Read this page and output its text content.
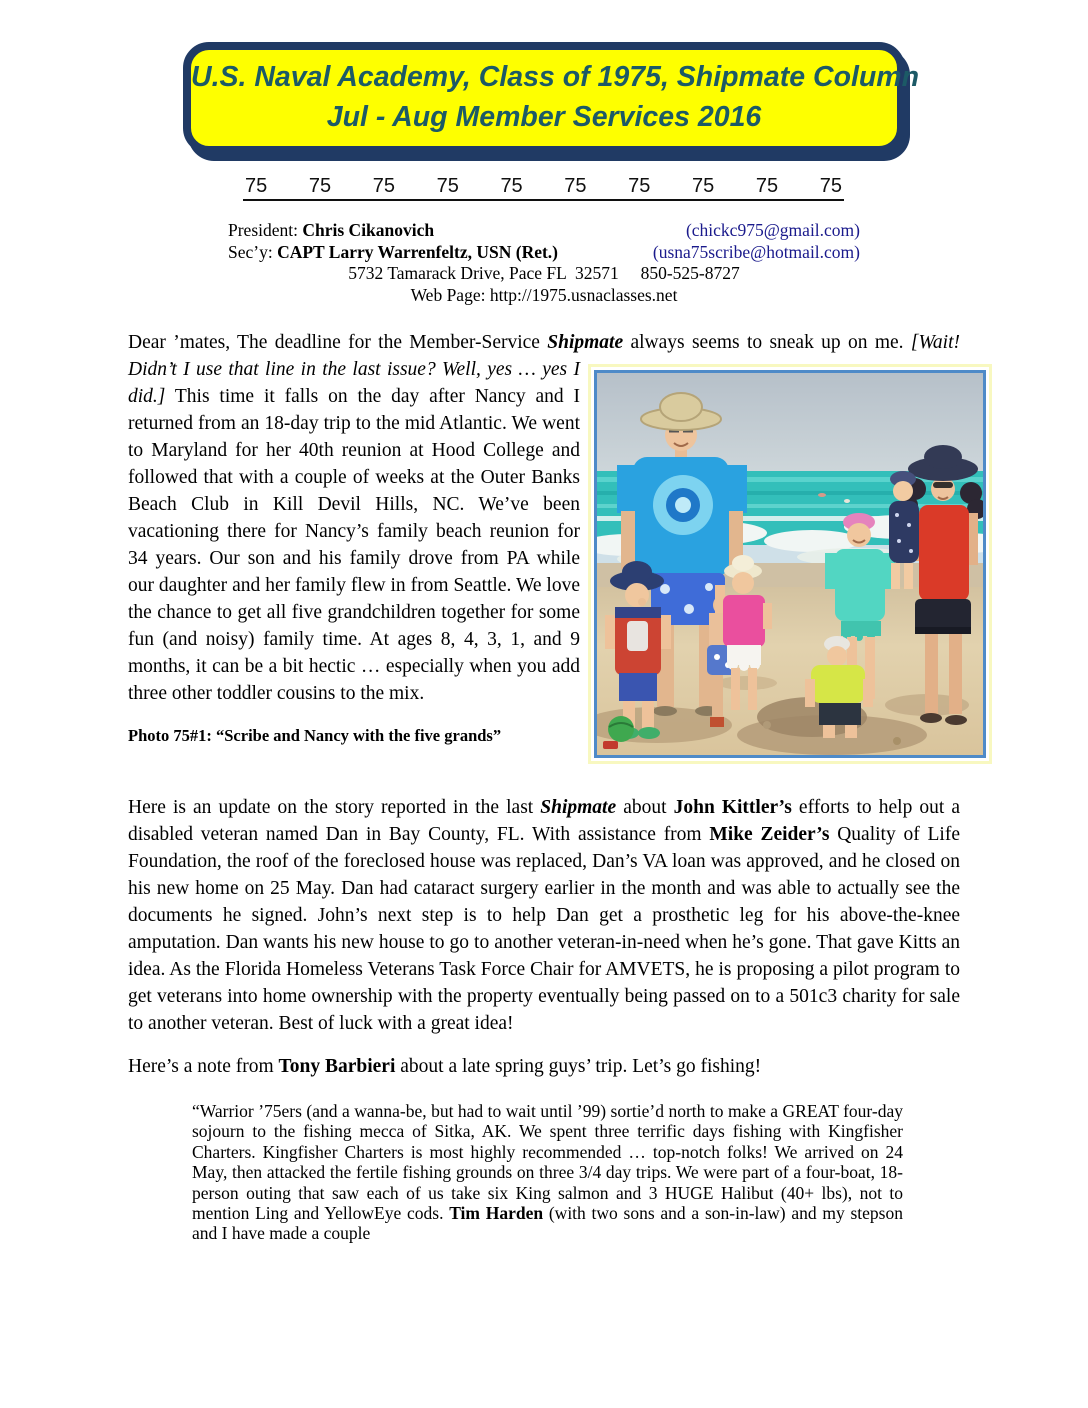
U.S. Naval Academy, Class of 1975, Shipmate Column
Jul - Aug Member Services 2016
75 75 75 75 75 75 75 75 75 75
President: Chris Cikanovich	(chickc975@gmail.com)
Sec’y: CAPT Larry Warrenfeltz, USN (Ret.)	(usna75scribe@hotmail.com)
5732 Tamarack Drive, Pace FL  32571     850-525-8727
Web Page: http://1975.usnaclasses.net

Dear ’mates, The deadline for the Member-Service Shipmate always seems to sneak up on me.
[Wait! Didn’t I use that line in the last issue? Well, yes … yes I did.] This time it falls on the day after Nancy and I returned from an 18-day trip to the mid Atlantic. We went to Maryland for her 40th reunion at Hood College and followed that with a couple of weeks at the Outer Banks Beach Club in Kill Devil Hills, NC. We’ve been vacationing there for Nancy’s family beach reunion for 34 years. Our son and his family drove from PA while our daughter and her family flew in from Seattle. We love the chance to get all five grandchildren together for some fun (and noisy) family time. At ages 8, 4, 3, 1, and 9 months, it can be a bit hectic … especially when you add three other toddler cousins to the mix.

Photo 75#1: “Scribe and Nancy with the five grands”

Here is an update on the story reported in the last Shipmate about John Kittler’s efforts to help out a disabled veteran named Dan in Bay County, FL. With assistance from Mike Zeider’s Quality of Life Foundation, the roof of the foreclosed house was replaced, Dan’s VA loan was approved, and he closed on his new home on 25 May. Dan had cataract surgery earlier in the month and was able to actually see the documents he signed. John’s next step is to help Dan get a prosthetic leg for his above-the-knee amputation. Dan wants his new house to go to another veteran-in-need when he’s gone. That gave Kitts an idea. As the Florida Homeless Veterans Task Force Chair for AMVETS, he is proposing a pilot program to get veterans into home ownership with the property eventually being passed on to a 501c3 charity for sale to another veteran. Best of luck with a great idea!

Here’s a note from Tony Barbieri about a late spring guys’ trip. Let’s go fishing!

“Warrior ’75ers (and a wanna-be, but had to wait until ’99) sortie’d north to make a GREAT four-day sojourn to the fishing mecca of Sitka, AK. We spent three terrific days fishing with Kingfisher Charters. Kingfisher Charters is most highly recommended … top-notch folks! We arrived on 24 May, then attacked the fertile fishing grounds on three 3/4 day trips. We were part of a four-boat, 18-person outing that saw each of us take six King salmon and 3 HUGE Halibut (40+ lbs), not to mention Ling and YellowEye cods. Tim Harden (with two sons and a son-in-law) and my stepson and I have made a couple
